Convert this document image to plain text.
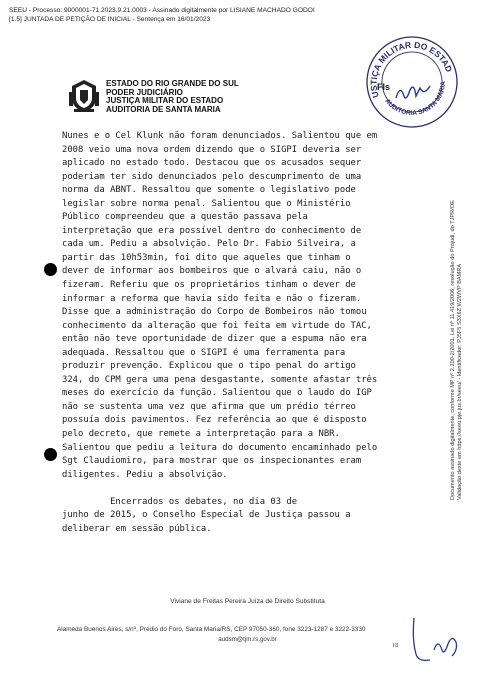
SEEU - Processo: 9000001-71.2023.9.21.0003 - Assinado digitalmente por LISIANE MACHADO GODOI
[1.5] JUNTADA DE PETIÇÃO DE INICIAL - Sentença em 16/01/2023
ESTADO DO RIO GRANDE DO SUL
PODER JUDICIÁRIO
JUSTIÇA MILITAR DO ESTADO
AUDITORIA DE SANTA MARIA
JUSTIÇA MILITAR DO ESTADO
AUDITORIA SANTA MARIA
Fls
Nunes e o Cel Klunk não foram denunciados. Salientou que em
2008 veio uma nova ordem dizendo que o SIGPI deveria ser
aplicado no estado todo. Destacou que os acusados sequer
poderiam ter sido denunciados pelo descumprimento de uma
norma da ABNT. Ressaltou que somente o legislativo pode
legislar sobre norma penal. Salientou que o Ministério
Público compreendeu que a questão passava pela
interpretação que era possível dentro do conhecimento de
cada um. Pediu a absolvição. Pelo Dr. Fabio Silveira, a
partir das 10h53min, foi dito que aqueles que tinham o
dever de informar aos bombeiros que o alvará caiu, não o
fizeram. Referiu que os proprietários tinham o dever de
informar a reforma que havia sido feita e não o fizeram.
Disse que a administração do Corpo de Bombeiros não tomou
conhecimento da alteração que foi feita em virtude do TAC,
então não teve oportunidade de dizer que a espuma não era
adequada. Ressaltou que o SIGPI é uma ferramenta para
produzir prevenção. Explicou que o tipo penal do artigo
324, do CPM gera uma pena desgastante, somente afastar três
meses do exercício da função. Salientou que o laudo do IGP
não se sustenta uma vez que afirma que um prédio térreo
possuía dois pavimentos. Fez referência ao que é disposto
pelo decreto, que remete a interpretação para a NBR.
Salientou que pediu a leitura do documento encaminhado pelo
Sgt Claudiomiro, para mostrar que os inspecionantes eram
diligentes. Pediu a absolvição.
Encerrados os debates, no dia 03 de
junho de 2015, o Conselho Especial de Justiça passou a
deliberar em sessão pública.
Documento assinado digitalmente, conforme MP nº 2.200-2/2001, Lei nº 11.419/2006, resolução do Projudi, do TJPR/OE Validação deste em https://seeu.pje.jus.br/seeu/ - Identificador: PJ5F5 S3X6Z W2WVP BAMRA
Viviane de Freitas Pereira Juíza de Direito Substituta
Alameda Buenos Aires, s/nº, Prédio do Foro, Santa Maria/RS, CEP 97050-360, fone 3223-1287 e 3222-3330
audsm@tjm.rs.gov.br
18
